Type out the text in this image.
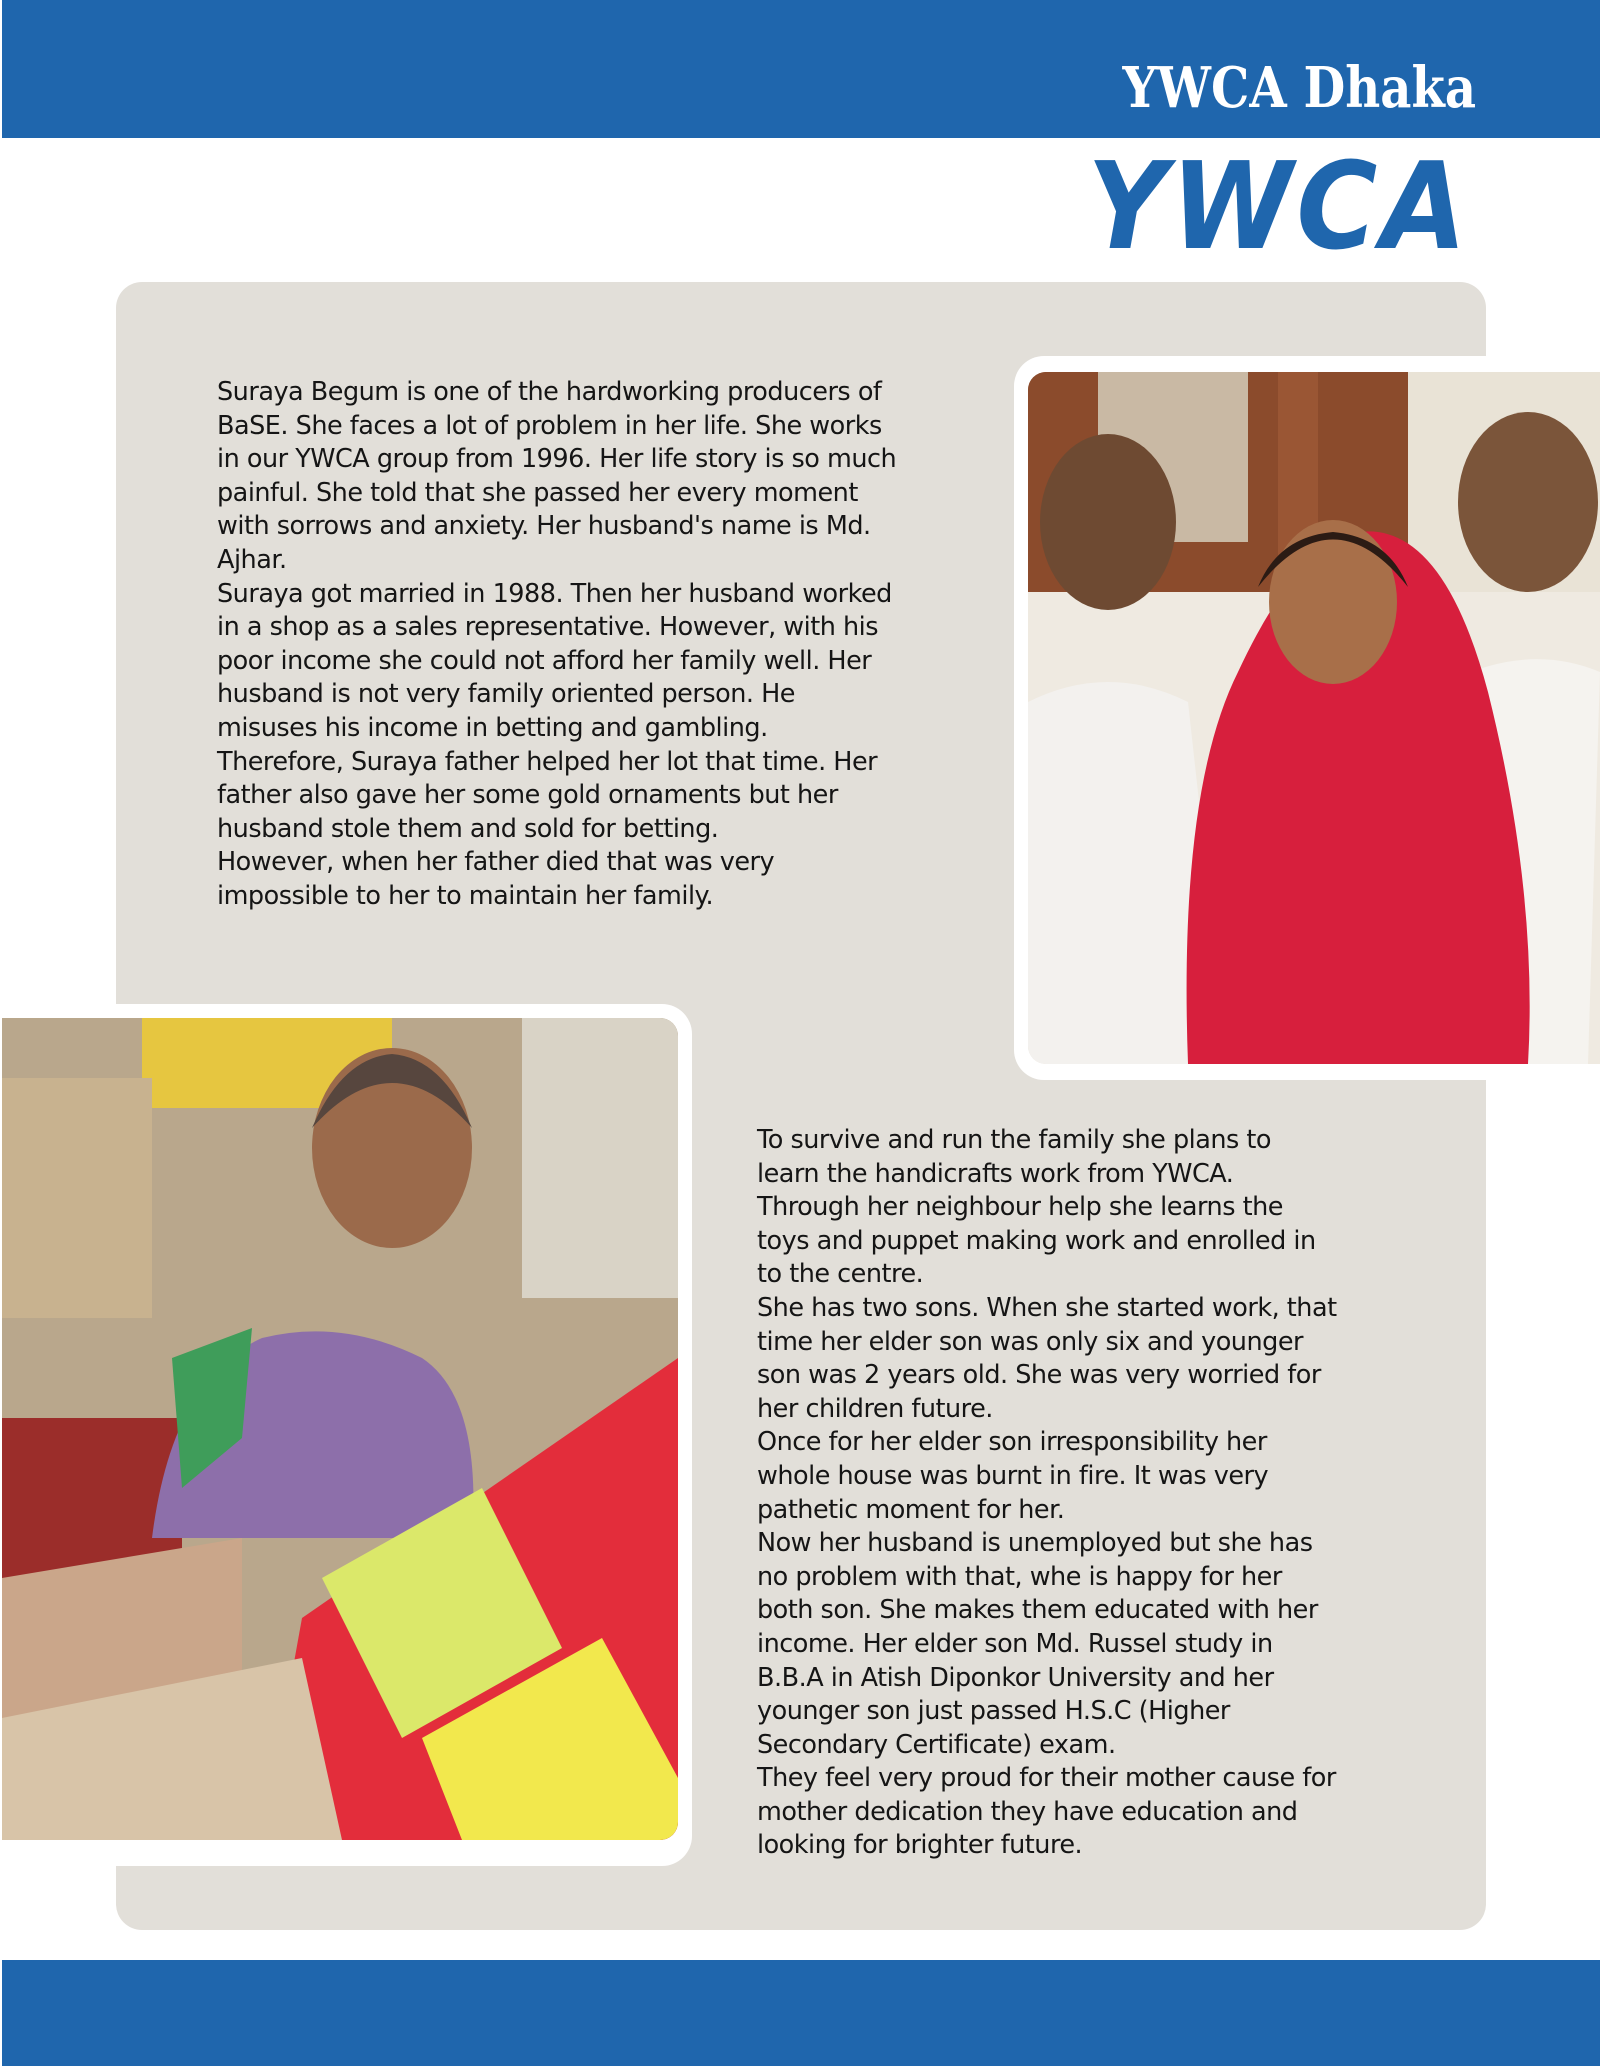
YWCA Dhaka
YWCA

Suraya Begum is one of the hardworking producers of
BaSE. She faces a lot of problem in her life. She works
in our YWCA group from 1996. Her life story is so much
painful. She told that she passed her every moment
with sorrows and anxiety. Her husband's name is Md.
Ajhar.
Suraya got married in 1988. Then her husband worked
in a shop as a sales representative. However, with his
poor income she could not afford her family well. Her
husband is not very family oriented person. He
misuses his income in betting and gambling.
Therefore, Suraya father helped her lot that time. Her
father also gave her some gold ornaments but her
husband stole them and sold for betting.
However, when her father died that was very
impossible to her to maintain her family.

To survive and run the family she plans to
learn the handicrafts work from YWCA.
Through her neighbour help she learns the
toys and puppet making work and enrolled in
to the centre.
She has two sons. When she started work, that
time her elder son was only six and younger
son was 2 years old. She was very worried for
her children future.
Once for her elder son irresponsibility her
whole house was burnt in fire. It was very
pathetic moment for her.
Now her husband is unemployed but she has
no problem with that, whe is happy for her
both son. She makes them educated with her
income. Her elder son Md. Russel study in
B.B.A in Atish Diponkor University and her
younger son just passed H.S.C (Higher
Secondary Certificate) exam.
They feel very proud for their mother cause for
mother dedication they have education and
looking for brighter future.
